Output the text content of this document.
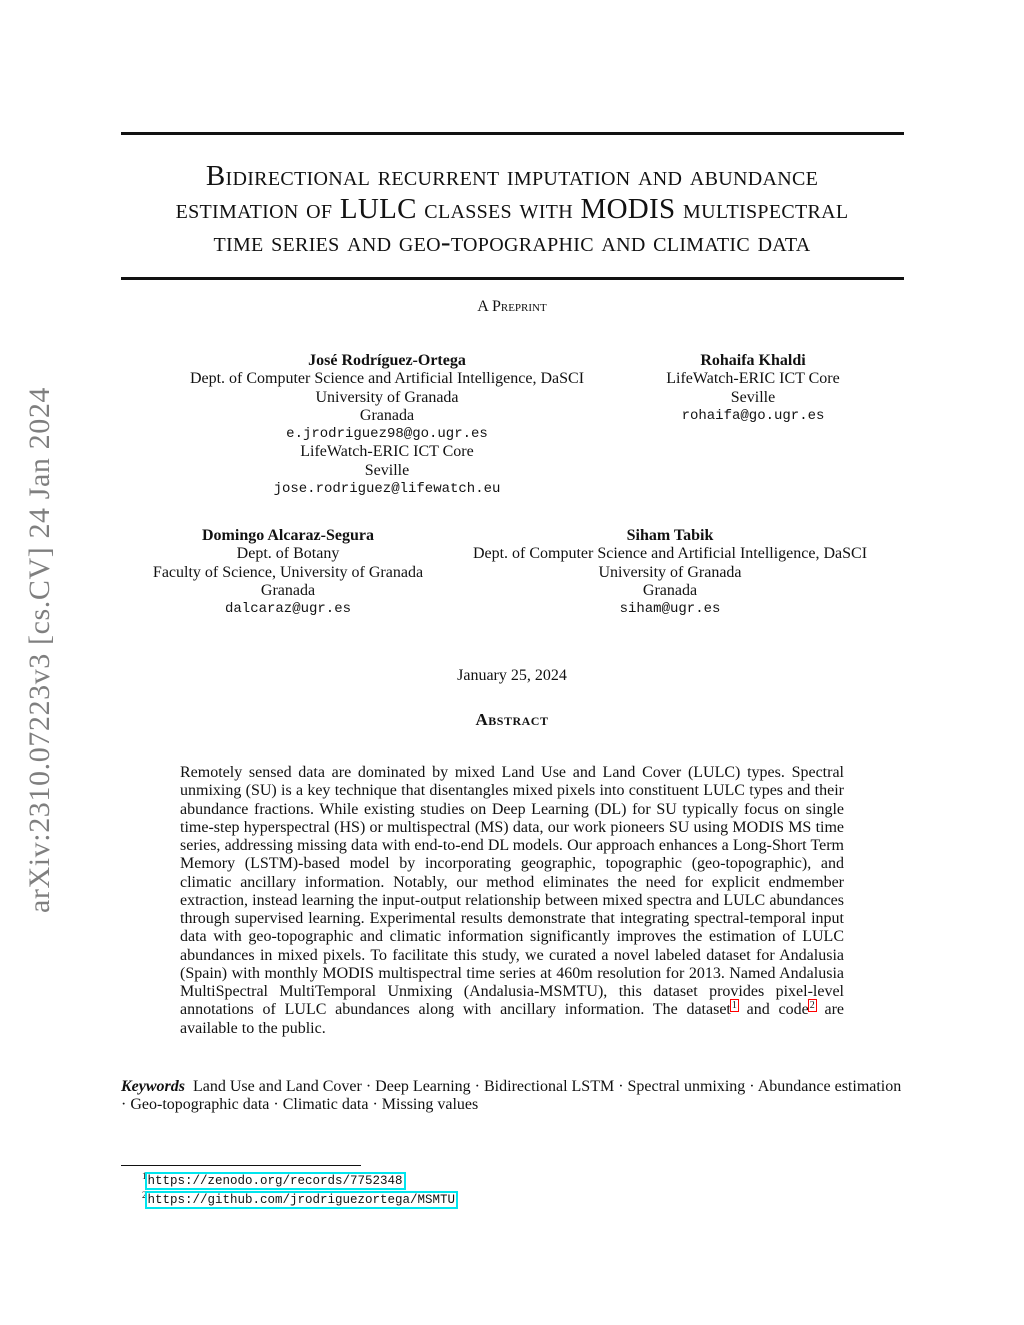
arXiv:2310.07223v3 [cs.CV] 24 Jan 2024
Bidirectional recurrent imputation and abundance
estimation of LULC classes with MODIS multispectral
time series and geo-topographic and climatic data
A Preprint
José Rodríguez-Ortega
Dept. of Computer Science and Artificial Intelligence, DaSCI
University of Granada
Granada
e.jrodriguez98@go.ugr.es
LifeWatch-ERIC ICT Core
Seville
jose.rodriguez@lifewatch.eu
Rohaifa Khaldi
LifeWatch-ERIC ICT Core
Seville
rohaifa@go.ugr.es
Domingo Alcaraz-Segura
Dept. of Botany
Faculty of Science, University of Granada
Granada
dalcaraz@ugr.es
Siham Tabik
Dept. of Computer Science and Artificial Intelligence, DaSCI
University of Granada
Granada
siham@ugr.es
January 25, 2024
Abstract
Remotely sensed data are dominated by mixed Land Use and Land Cover (LULC) types. Spectral unmixing (SU) is a key technique that disentangles mixed pixels into constituent LULC types and their abundance fractions. While existing studies on Deep Learning (DL) for SU typically focus on single time-step hyperspectral (HS) or multispectral (MS) data, our work pioneers SU using MODIS MS time series, addressing missing data with end-to-end DL models. Our approach enhances a Long-Short Term Memory (LSTM)-based model by incorporating geographic, topographic (geo-topographic), and climatic ancillary information. Notably, our method eliminates the need for explicit endmember extraction, instead learning the input-output relationship between mixed spectra and LULC abundances through supervised learning. Experimental results demonstrate that integrating spectral-temporal input data with geo-topographic and climatic information significantly improves the estimation of LULC abundances in mixed pixels. To facilitate this study, we curated a novel labeled dataset for Andalusia (Spain) with monthly MODIS multispectral time series at 460m resolution for 2013. Named Andalusia MultiSpectral MultiTemporal Unmixing (Andalusia-MSMTU), this dataset provides pixel-level annotations of LULC abundances along with ancillary information. The dataset$^1$ and code$^2$ are available to the public.
Keywords Land Use and Land Cover · Deep Learning · Bidirectional LSTM · Spectral unmixing · Abundance estimation · Geo-topographic data · Climatic data · Missing values
$^1$https://zenodo.org/records/7752348
$^2$https://github.com/jrodriguezortega/MSMTU
